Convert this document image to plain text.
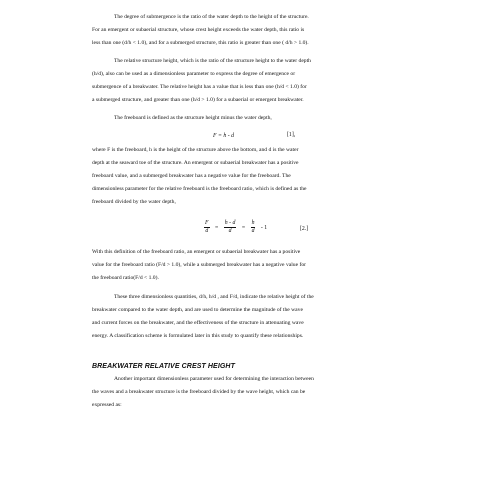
The degree of submergence is the ratio of the water depth to the height of the structure.

For an emergent or subaerial structure, whose crest height exceeds the water depth, this ratio is

less than one (d/h < 1.0), and for a submerged structure, this ratio is greater than one ( d/h > 1.0).

The relative structure height, which is the ratio of the structure height to the water depth

(h/d), also can be used as a dimensionless parameter to express the degree of emergence or

submergence of a breakwater. The relative height has a value that is less than one (h/d < 1.0) for

a submerged structure, and greater than one (h/d > 1.0) for a subaerial or emergent breakwater.

The freeboard is defined as the structure height minus the water depth,

F = h - d	[1],

where F is the freeboard, h is the height of the structure above the bottom, and d is the water

depth at the seaward toe of the structure. An emergent or subaerial breakwater has a positive

freeboard value, and a submerged breakwater has a negative value for the freeboard. The

dimensionless parameter for the relative freeboard is the freeboard ratio, which is defined as the

freeboard divided by the water depth,

$\frac{F}{d} = \frac{h - d}{d} = \frac{h}{d} - 1$	[2.]

With this definition of the freeboard ratio, an emergent or subaerial breakwater has a positive

value for the freeboard ratio (F/d > 1.0), while a submerged breakwater has a negative value for

the freeboard ratio(F/d < 1.0).

These three dimensionless quantities, d/h, h/d , and F/d, indicate the relative height of the

breakwater compared to the water depth, and are used to determine the magnitude of the wave

and current forces on the breakwater, and the effectiveness of the structure in attenuating wave

energy. A classification scheme is formulated later in this study to quantify these relationships.

BREAKWATER RELATIVE CREST HEIGHT

Another important dimensionless parameter used for determining the interaction between

the waves and a breakwater structure is the freeboard divided by the wave height, which can be

expressed as:
